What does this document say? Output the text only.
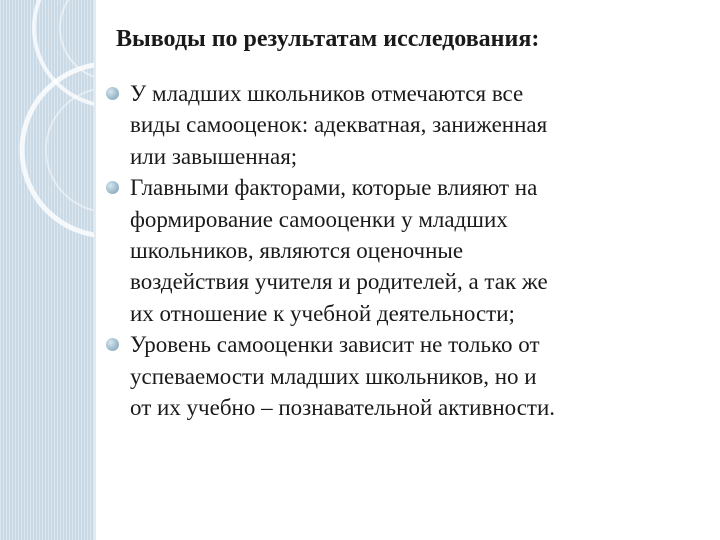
Выводы по результатам исследования:
У младших школьников отмечаются все
виды самооценок: адекватная, заниженная
или завышенная;
Главными факторами, которые влияют на
формирование самооценки у младших
школьников, являются оценочные
воздействия учителя и родителей, а так же
их отношение к учебной деятельности;
Уровень самооценки зависит не только от
успеваемости младших школьников, но и
от их учебно – познавательной активности.
